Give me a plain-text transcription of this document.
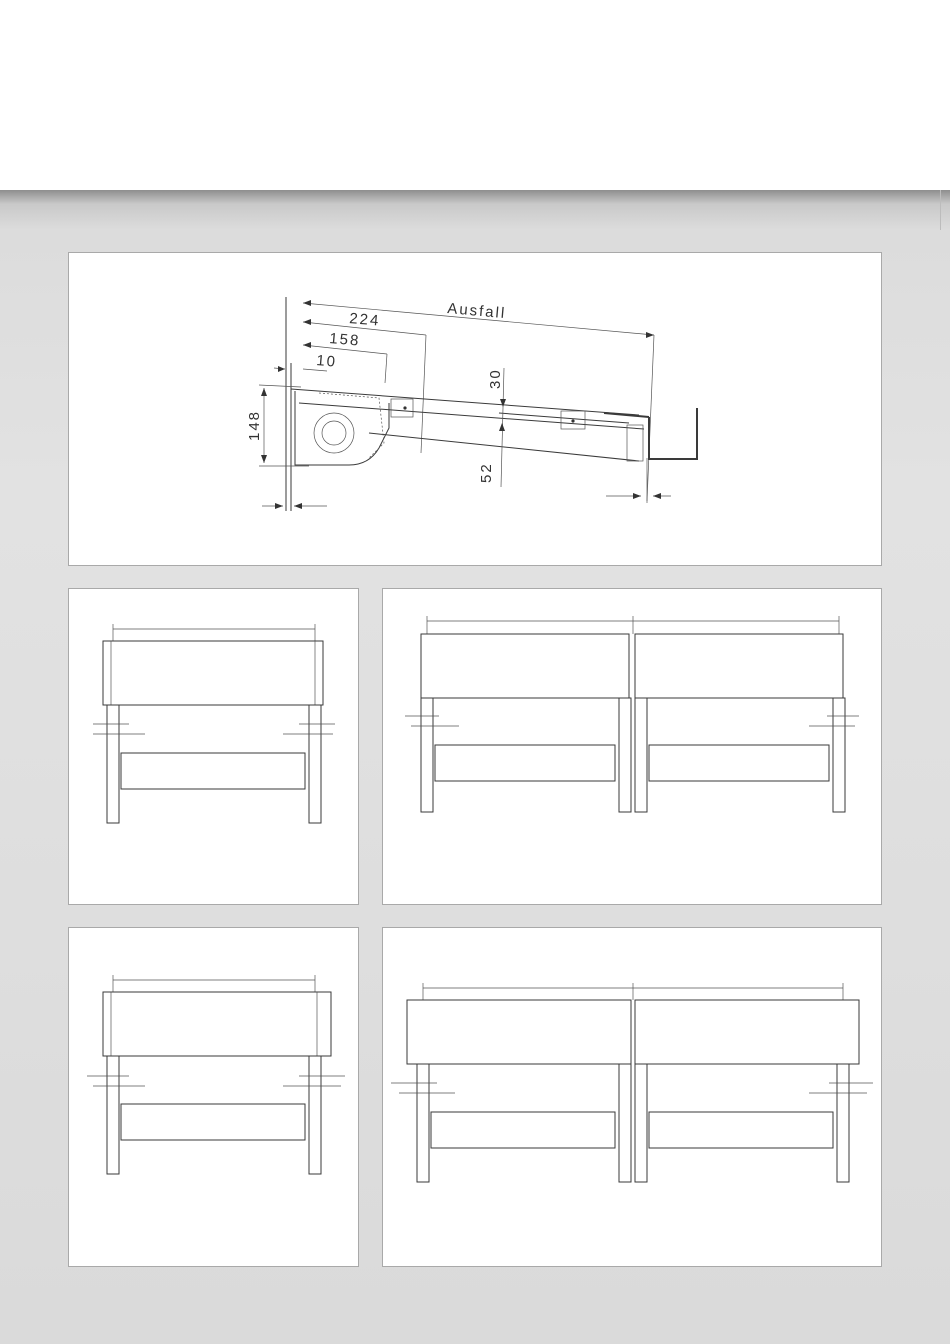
Ausfall
224
158
10
30
148
52
